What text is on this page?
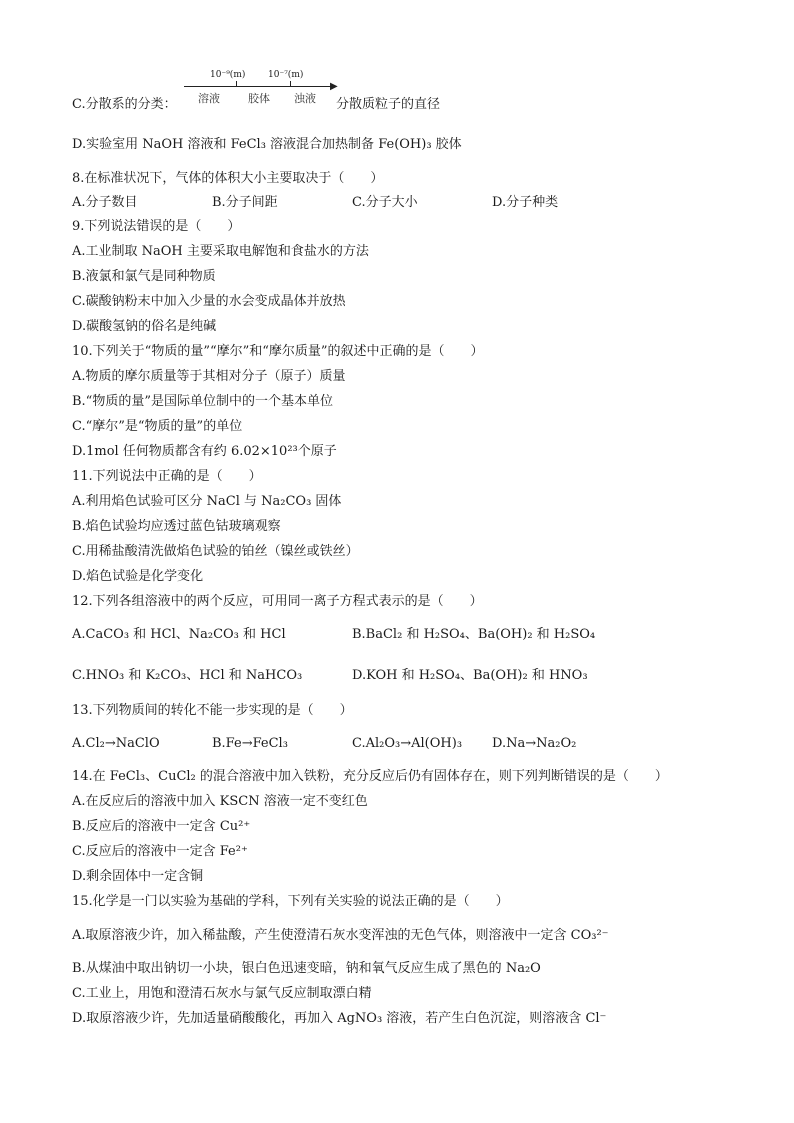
C.分散系的分类：
10⁻⁹(m)	10⁻⁷(m)
▶
溶液	胶体 浊液 分散质粒子的直径
D.实验室用 NaOH 溶液和 FeCl₃ 溶液混合加热制备 Fe(OH)₃ 胶体
8.在标准状况下，气体的体积大小主要取决于（　　）
A.分子数目	B.分子间距	C.分子大小	D.分子种类
9.下列说法错误的是（　　）
A.工业制取 NaOH 主要采取电解饱和食盐水的方法
B.液氯和氯气是同种物质
C.碳酸钠粉末中加入少量的水会变成晶体并放热
D.碳酸氢钠的俗名是纯碱
10.下列关于“物质的量”“摩尔”和“摩尔质量”的叙述中正确的是（　　）
A.物质的摩尔质量等于其相对分子（原子）质量
B.“物质的量”是国际单位制中的一个基本单位
C.“摩尔”是“物质的量”的单位
D.1mol 任何物质都含有约 6.02×10²³个原子
11.下列说法中正确的是（　　）
A.利用焰色试验可区分 NaCl 与 Na₂CO₃ 固体
B.焰色试验均应透过蓝色钴玻璃观察
C.用稀盐酸清洗做焰色试验的铂丝（镍丝或铁丝）
D.焰色试验是化学变化
12.下列各组溶液中的两个反应，可用同一离子方程式表示的是（　　）
A.CaCO₃ 和 HCl、Na₂CO₃ 和 HCl	B.BaCl₂ 和 H₂SO₄、Ba(OH)₂ 和 H₂SO₄
C.HNO₃ 和 K₂CO₃、HCl 和 NaHCO₃	D.KOH 和 H₂SO₄、Ba(OH)₂ 和 HNO₃
13.下列物质间的转化不能一步实现的是（　　）
A.Cl₂→NaClO	B.Fe→FeCl₃	C.Al₂O₃→Al(OH)₃ D.Na→Na₂O₂
14.在 FeCl₃、CuCl₂ 的混合溶液中加入铁粉，充分反应后仍有固体存在，则下列判断错误的是（　　）
A.在反应后的溶液中加入 KSCN 溶液一定不变红色
B.反应后的溶液中一定含 Cu²⁺
C.反应后的溶液中一定含 Fe²⁺
D.剩余固体中一定含铜
15.化学是一门以实验为基础的学科，下列有关实验的说法正确的是（　　）
A.取原溶液少许，加入稀盐酸，产生使澄清石灰水变浑浊的无色气体，则溶液中一定含 CO₃²⁻
B.从煤油中取出钠切一小块，银白色迅速变暗，钠和氧气反应生成了黑色的 Na₂O
C.工业上，用饱和澄清石灰水与氯气反应制取漂白精
D.取原溶液少许，先加适量硝酸酸化，再加入 AgNO₃ 溶液，若产生白色沉淀，则溶液含 Cl⁻
